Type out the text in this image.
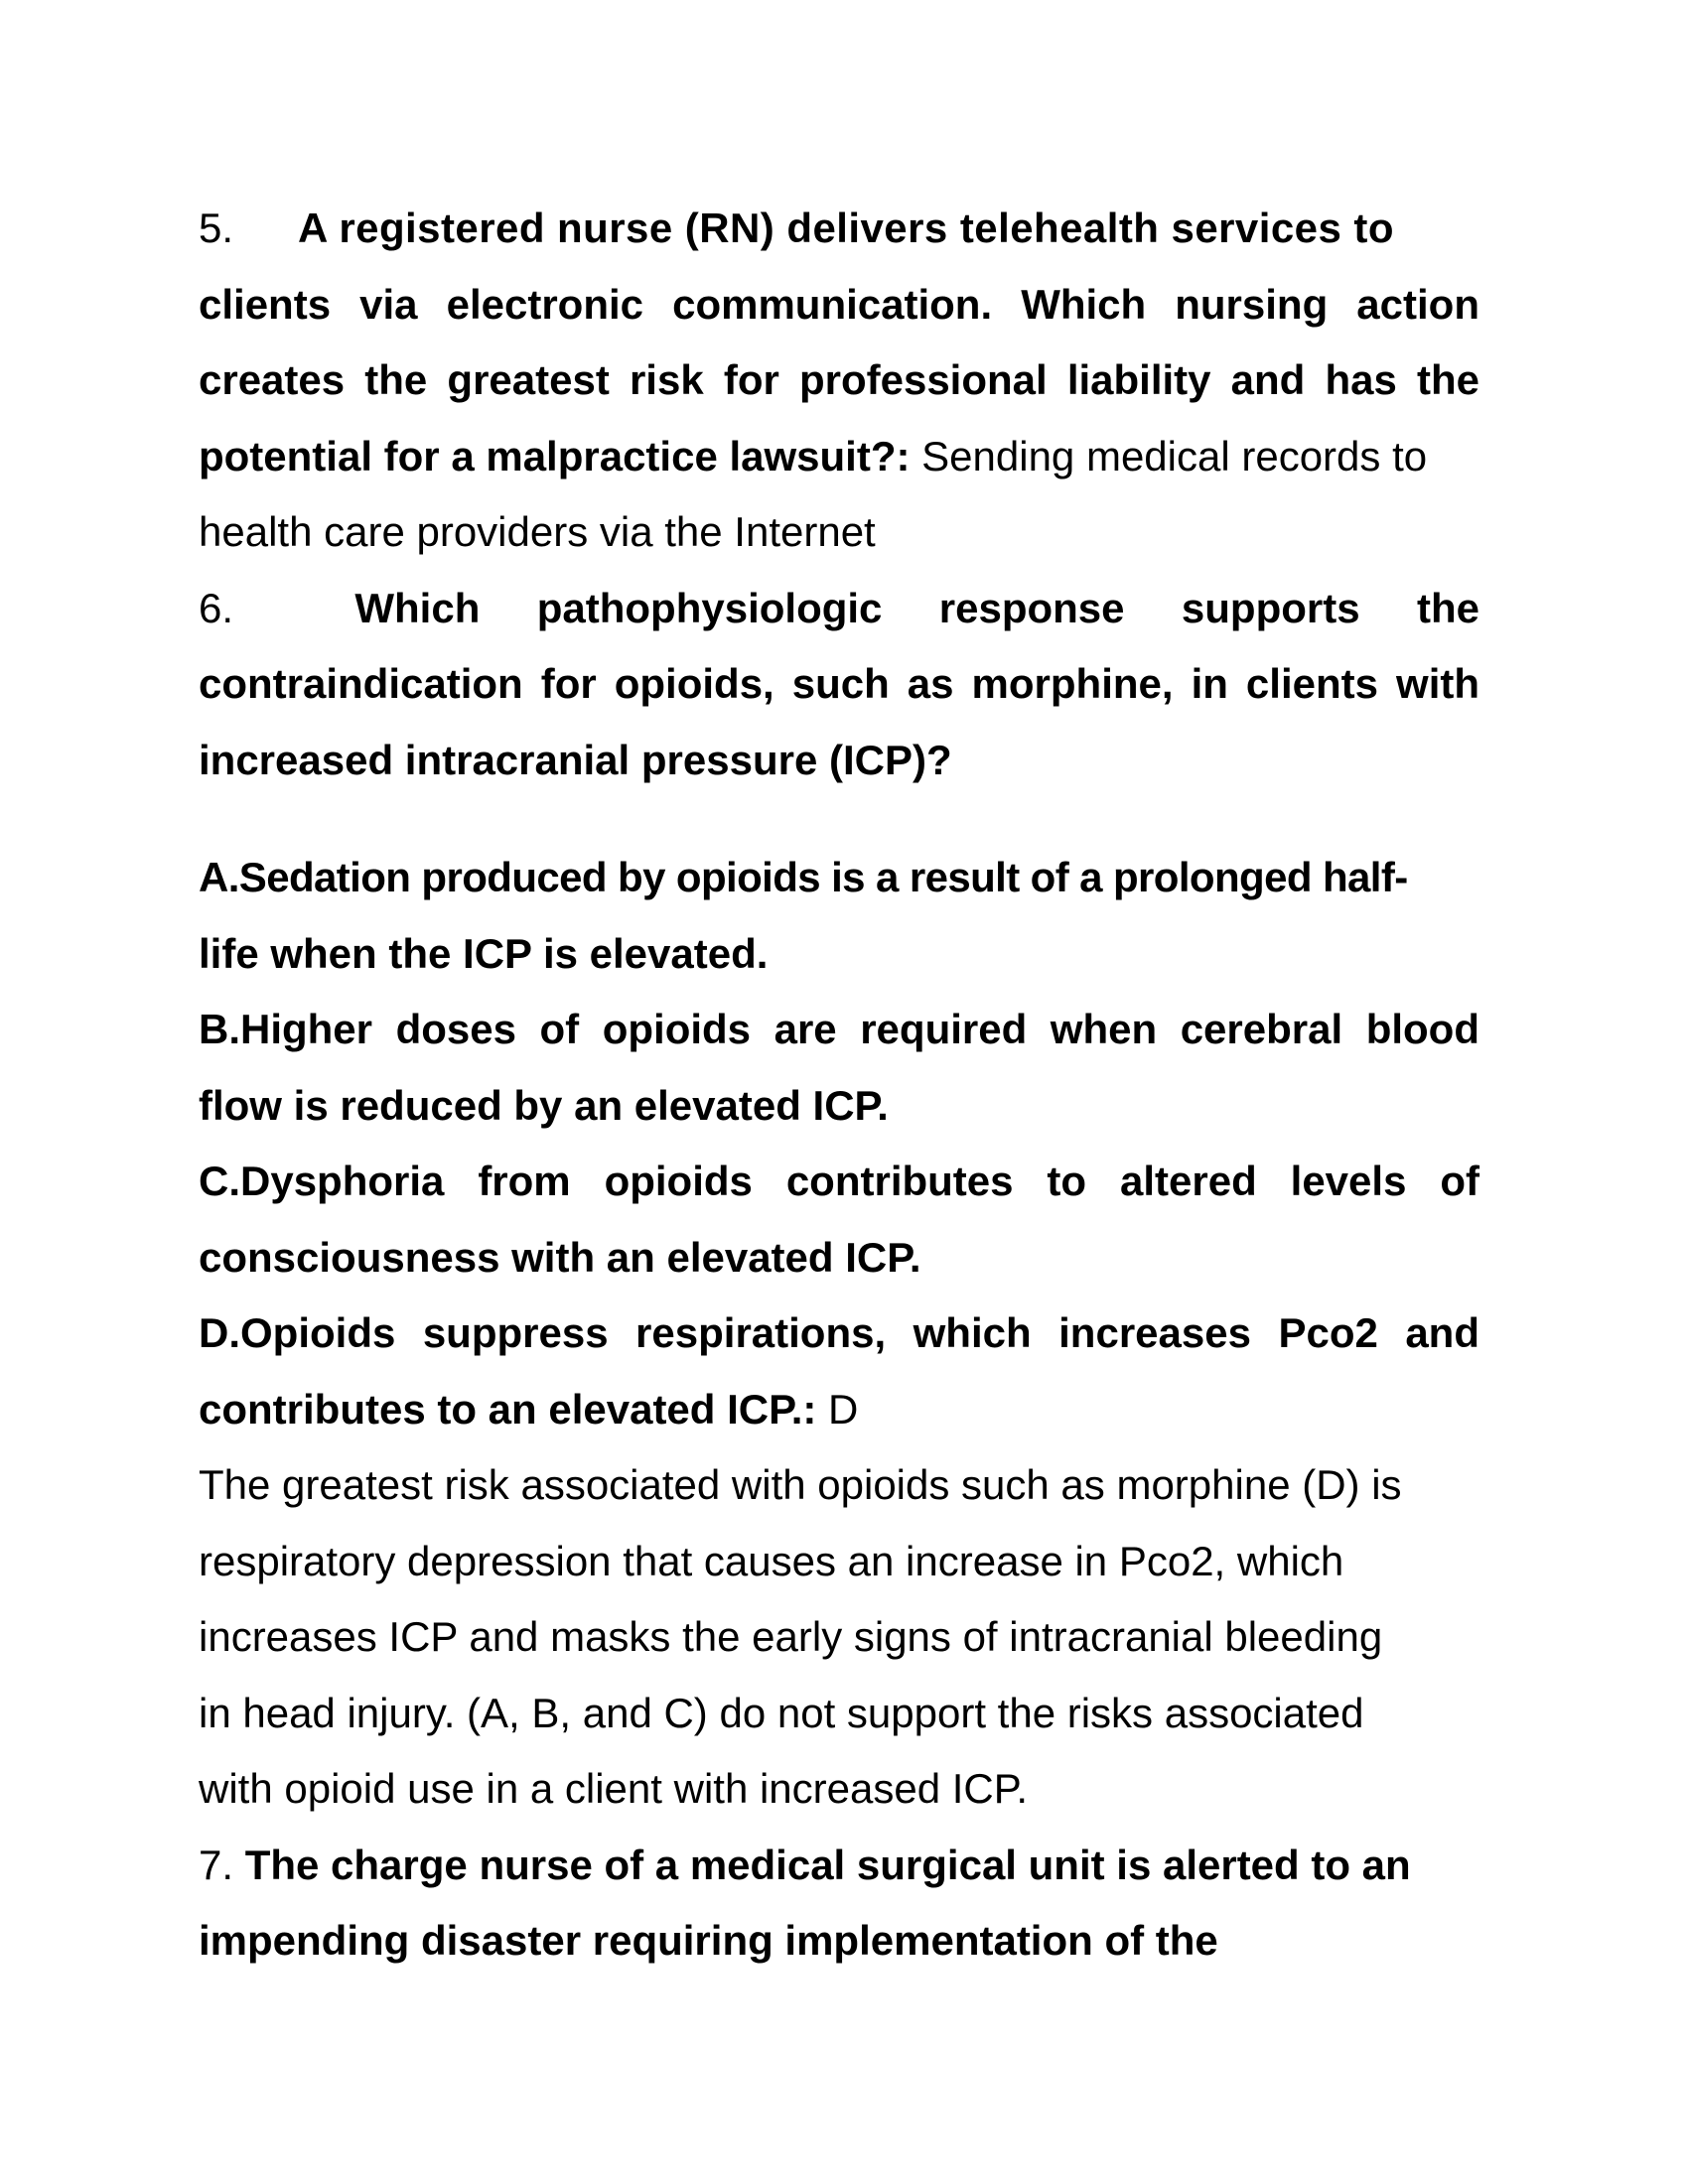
5. A registered nurse (RN) delivers telehealth services to
clients via electronic communication. Which nursing action
creates the greatest risk for professional liability and has the
potential for a malpractice lawsuit?: Sending medical records to
health care providers via the Internet
6.	Which pathophysiologic response supports the
contraindication for opioids, such as morphine, in clients with
increased intracranial pressure (ICP)?
A.Sedation produced by opioids is a result of a prolonged half-
life when the ICP is elevated.
B.Higher doses of opioids are required when cerebral blood
flow is reduced by an elevated ICP.
C.Dysphoria from opioids contributes to altered levels of
consciousness with an elevated ICP.
D.Opioids suppress respirations, which increases Pco2 and
contributes to an elevated ICP.: D
The greatest risk associated with opioids such as morphine (D) is
respiratory depression that causes an increase in Pco2, which
increases ICP and masks the early signs of intracranial bleeding
in head injury. (A, B, and C) do not support the risks associated
with opioid use in a client with increased ICP.
7. The charge nurse of a medical surgical unit is alerted to an
impending disaster requiring implementation of the
